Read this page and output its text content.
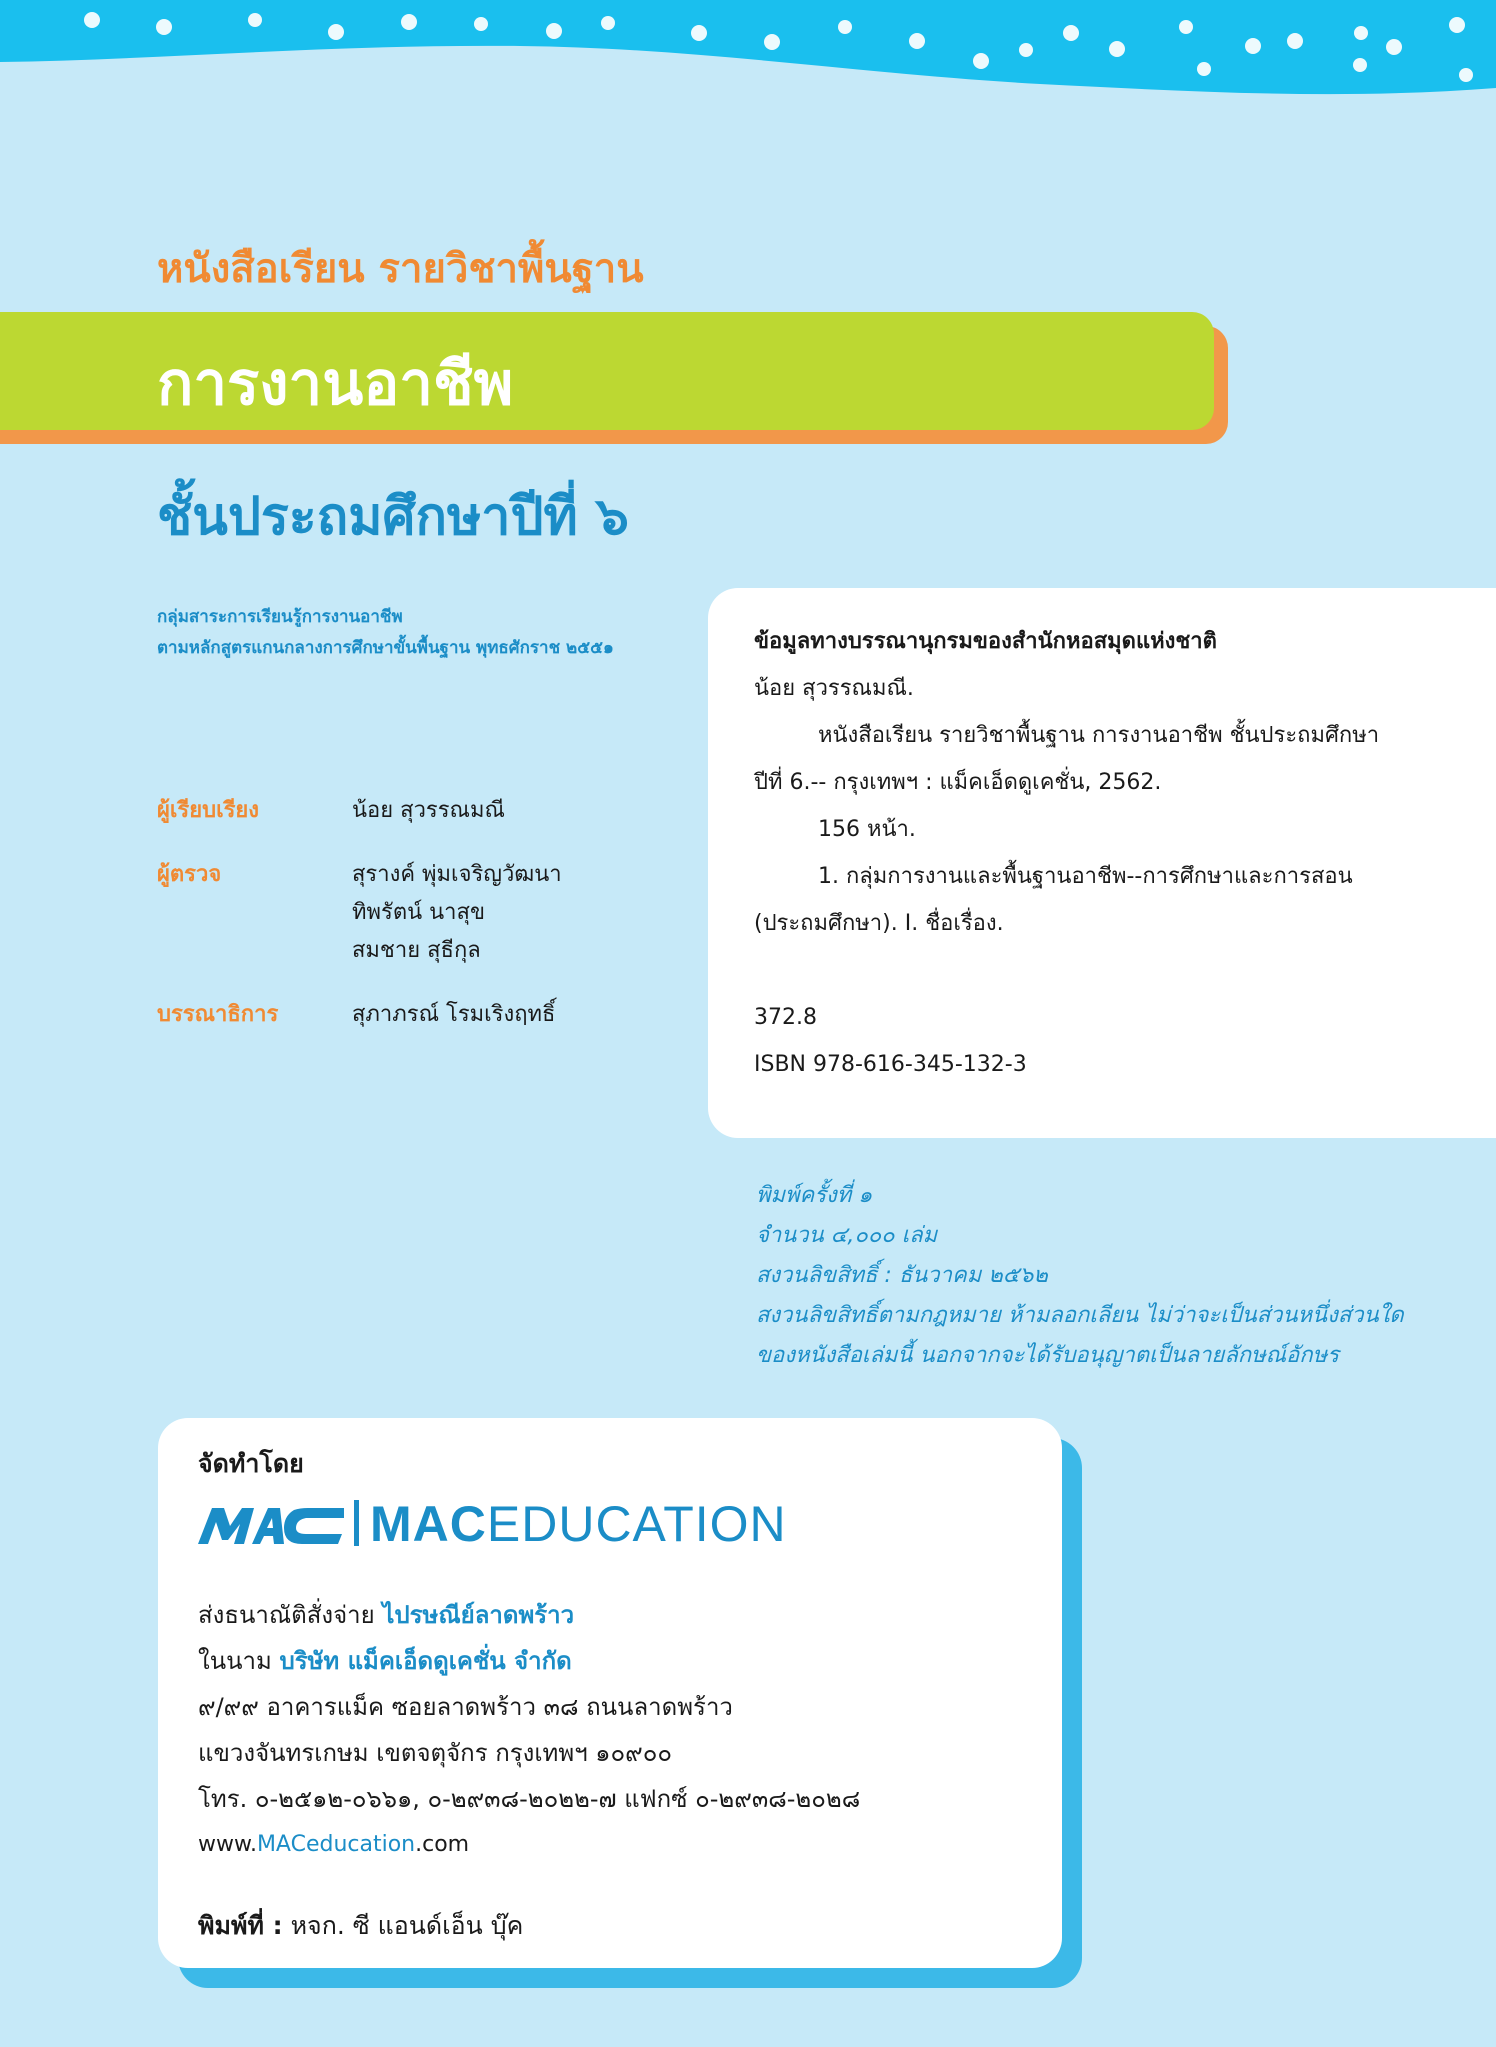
หนังสือเรียน รายวิชาพื้นฐาน
การงานอาชีพ
ชั้นประถมศึกษาปีที่ ๖
กลุ่มสาระการเรียนรู้การงานอาชีพ
ตามหลักสูตรแกนกลางการศึกษาขั้นพื้นฐาน พุทธศักราช ๒๕๕๑
ผู้เรียบเรียง	น้อย สุวรรณมณี
ผู้ตรวจ	สุรางค์ พุ่มเจริญวัฒนา
ทิพรัตน์ นาสุข
สมชาย สุธีกุล
บรรณาธิการ	สุภาภรณ์ โรมเริงฤทธิ์
ข้อมูลทางบรรณานุกรมของสำนักหอสมุดแห่งชาติ
น้อย สุวรรณมณี.
หนังสือเรียน รายวิชาพื้นฐาน การงานอาชีพ ชั้นประถมศึกษา
ปีที่ 6.-- กรุงเทพฯ : แม็คเอ็ดดูเคชั่น, 2562.
156 หน้า.
1. กลุ่มการงานและพื้นฐานอาชีพ--การศึกษาและการสอน
(ประถมศึกษา). I. ชื่อเรื่อง.
372.8
ISBN 978-616-345-132-3
พิมพ์ครั้งที่ ๑
จำนวน ๔,๐๐๐ เล่ม
สงวนลิขสิทธิ์ : ธันวาคม ๒๕๖๒
สงวนลิขสิทธิ์ตามกฎหมาย ห้ามลอกเลียน ไม่ว่าจะเป็นส่วนหนึ่งส่วนใด
ของหนังสือเล่มนี้ นอกจากจะได้รับอนุญาตเป็นลายลักษณ์อักษร
จัดทำโดย
MACEDUCATION
ส่งธนาณัติสั่งจ่าย ไปรษณีย์ลาดพร้าว
ในนาม บริษัท แม็คเอ็ดดูเคชั่น จำกัด
๙/๙๙ อาคารแม็ค ซอยลาดพร้าว ๓๘ ถนนลาดพร้าว
แขวงจันทรเกษม เขตจตุจักร กรุงเทพฯ ๑๐๙๐๐
โทร. ๐-๒๕๑๒-๐๖๖๑, ๐-๒๙๓๘-๒๐๒๒-๗ แฟกซ์ ๐-๒๙๓๘-๒๐๒๘
www.MACeducation.com
พิมพ์ที่ : หจก. ซี แอนด์เอ็น บุ๊ค
